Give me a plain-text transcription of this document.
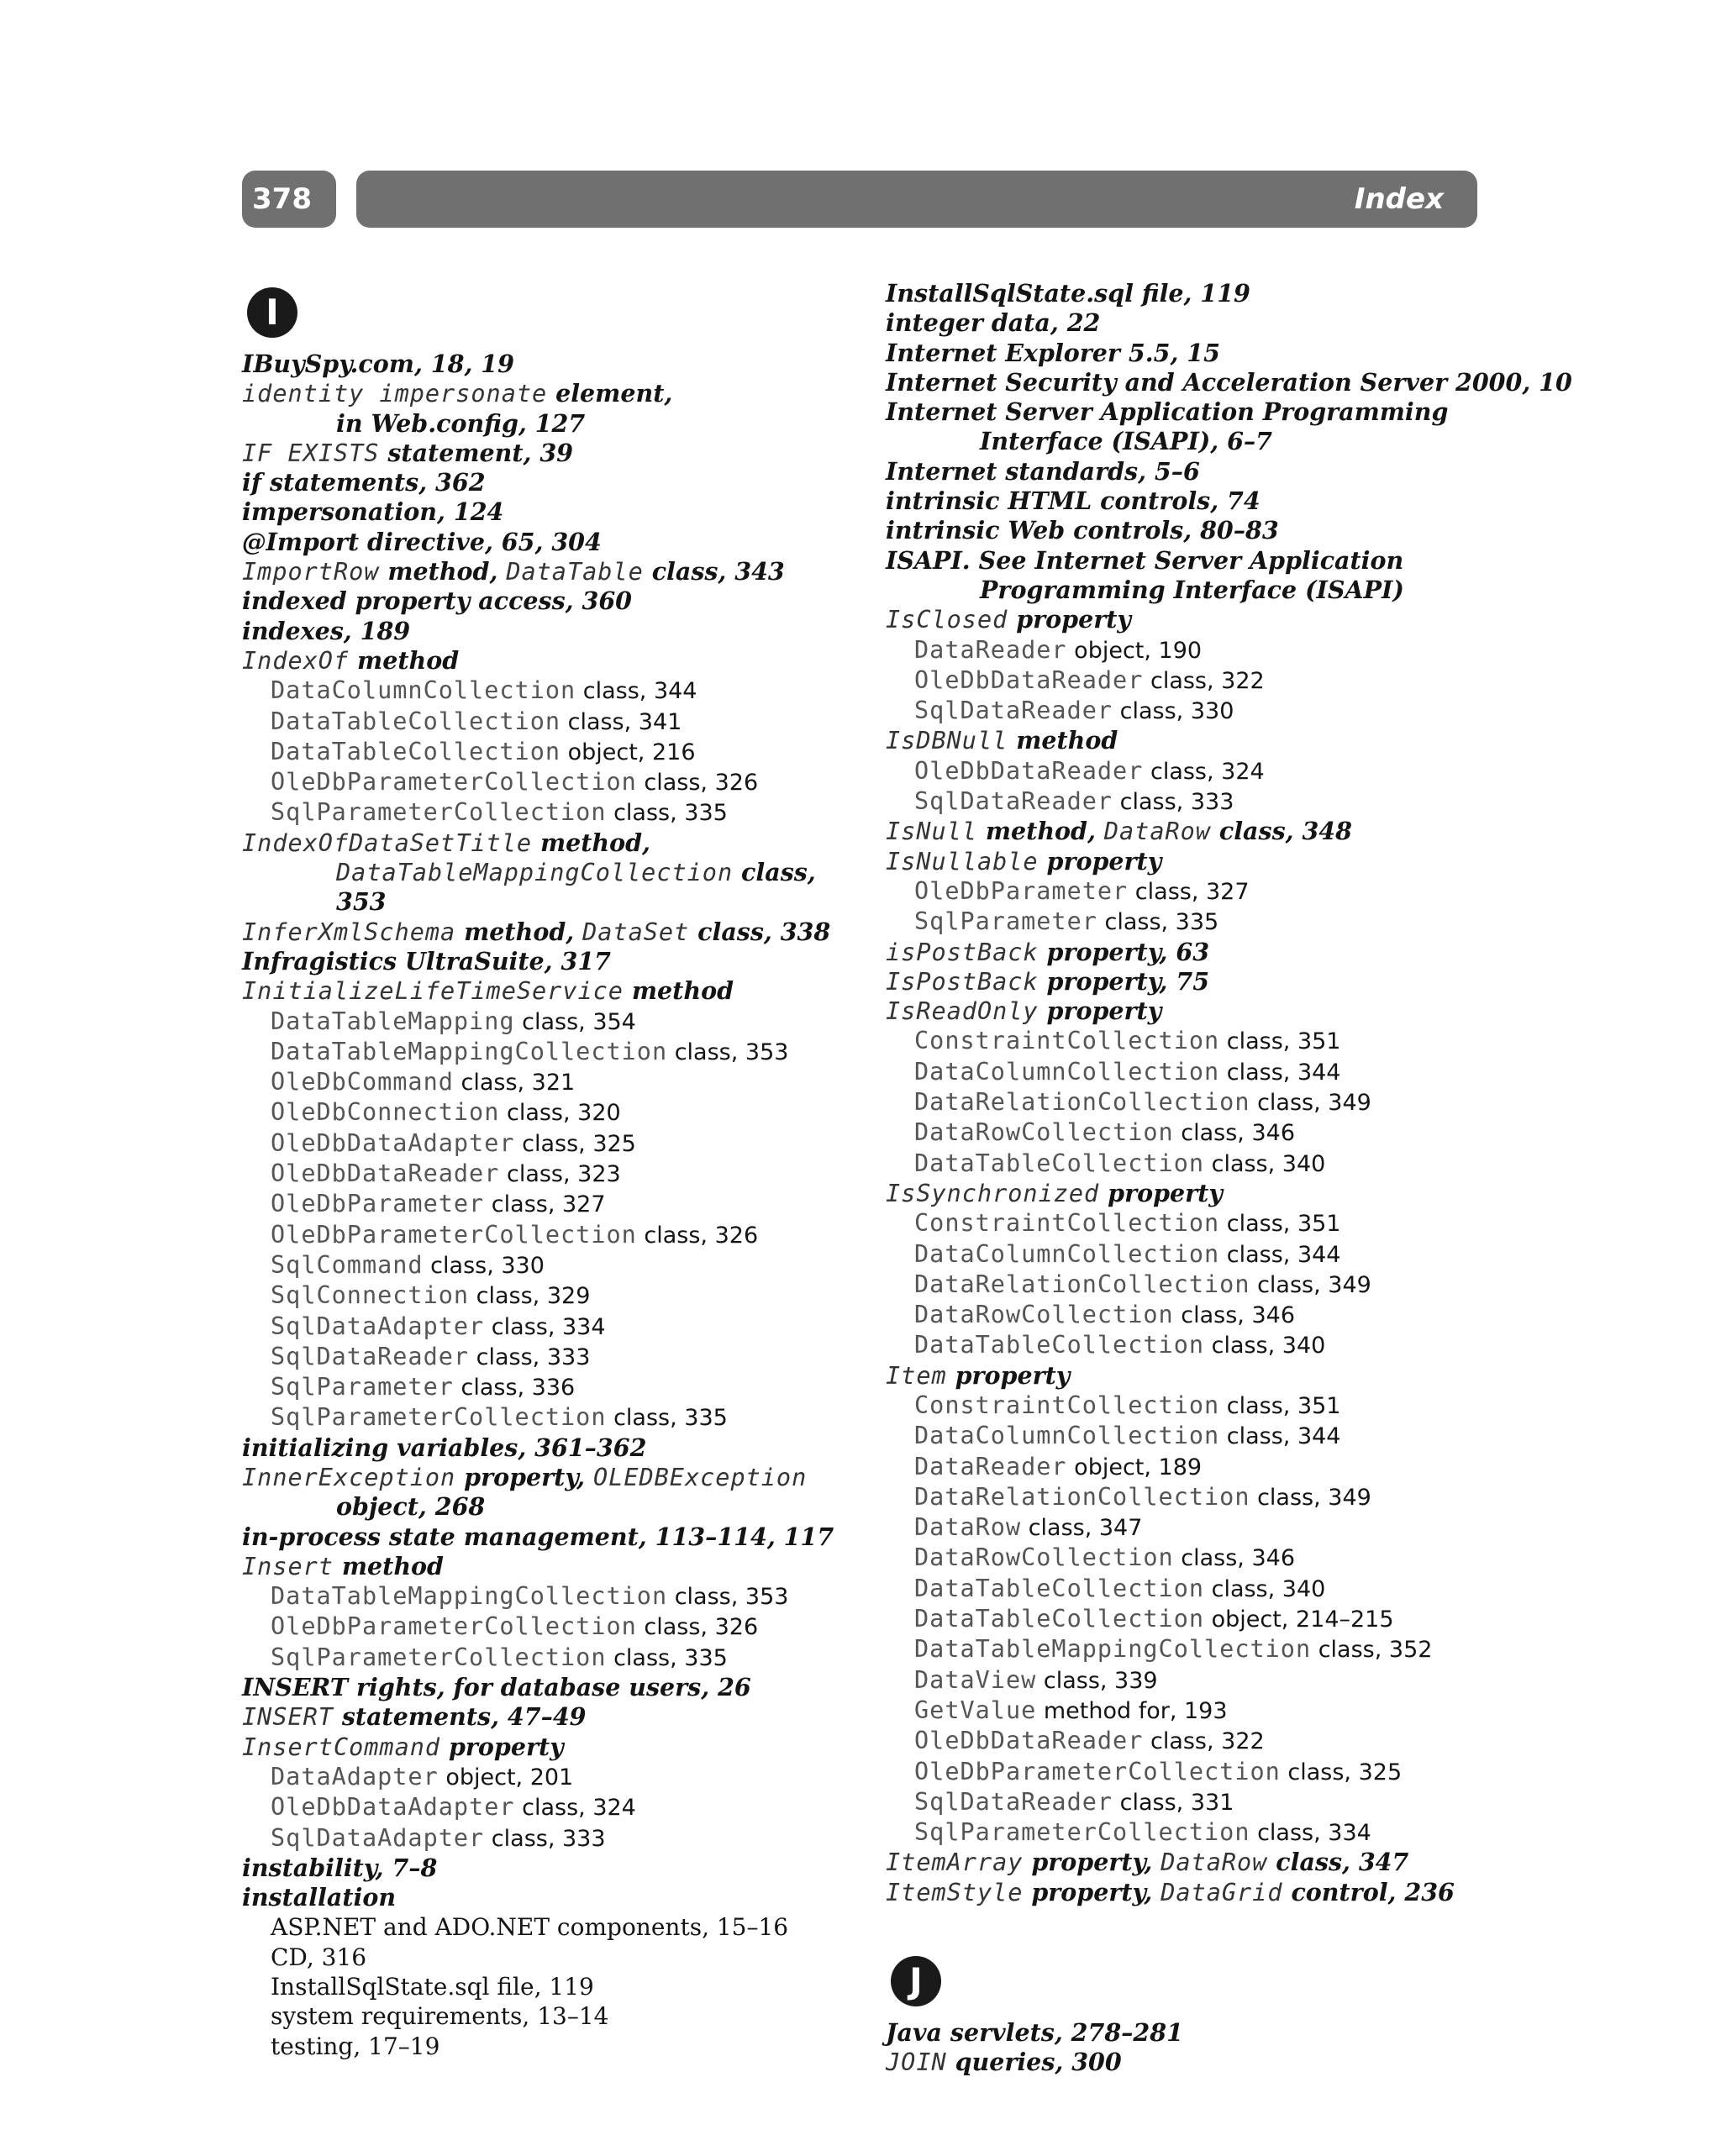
378	Index
I
IBuySpy.com, 18, 19
identity impersonate element,
in Web.config, 127
IF EXISTS statement, 39
if statements, 362
impersonation, 124
@Import directive, 65, 304
ImportRow method, DataTable class, 343
indexed property access, 360
indexes, 189
IndexOf method
DataColumnCollection class, 344
DataTableCollection class, 341
DataTableCollection object, 216
OleDbParameterCollection class, 326
SqlParameterCollection class, 335
IndexOfDataSetTitle method,
DataTableMappingCollection class,
353
InferXmlSchema method, DataSet class, 338
Infragistics UltraSuite, 317
InitializeLifeTimeService method
DataTableMapping class, 354
DataTableMappingCollection class, 353
OleDbCommand class, 321
OleDbConnection class, 320
OleDbDataAdapter class, 325
OleDbDataReader class, 323
OleDbParameter class, 327
OleDbParameterCollection class, 326
SqlCommand class, 330
SqlConnection class, 329
SqlDataAdapter class, 334
SqlDataReader class, 333
SqlParameter class, 336
SqlParameterCollection class, 335
initializing variables, 361–362
InnerException property, OLEDBException
object, 268
in-process state management, 113–114, 117
Insert method
DataTableMappingCollection class, 353
OleDbParameterCollection class, 326
SqlParameterCollection class, 335
INSERT rights, for database users, 26
INSERT statements, 47–49
InsertCommand property
DataAdapter object, 201
OleDbDataAdapter class, 324
SqlDataAdapter class, 333
instability, 7–8
installation
ASP.NET and ADO.NET components, 15–16
CD, 316
InstallSqlState.sql file, 119
system requirements, 13–14
testing, 17–19
InstallSqlState.sql file, 119
integer data, 22
Internet Explorer 5.5, 15
Internet Security and Acceleration Server 2000, 10
Internet Server Application Programming
Interface (ISAPI), 6–7
Internet standards, 5–6
intrinsic HTML controls, 74
intrinsic Web controls, 80–83
ISAPI. See Internet Server Application
Programming Interface (ISAPI)
IsClosed property
DataReader object, 190
OleDbDataReader class, 322
SqlDataReader class, 330
IsDBNull method
OleDbDataReader class, 324
SqlDataReader class, 333
IsNull method, DataRow class, 348
IsNullable property
OleDbParameter class, 327
SqlParameter class, 335
isPostBack property, 63
IsPostBack property, 75
IsReadOnly property
ConstraintCollection class, 351
DataColumnCollection class, 344
DataRelationCollection class, 349
DataRowCollection class, 346
DataTableCollection class, 340
IsSynchronized property
ConstraintCollection class, 351
DataColumnCollection class, 344
DataRelationCollection class, 349
DataRowCollection class, 346
DataTableCollection class, 340
Item property
ConstraintCollection class, 351
DataColumnCollection class, 344
DataReader object, 189
DataRelationCollection class, 349
DataRow class, 347
DataRowCollection class, 346
DataTableCollection class, 340
DataTableCollection object, 214–215
DataTableMappingCollection class, 352
DataView class, 339
GetValue method for, 193
OleDbDataReader class, 322
OleDbParameterCollection class, 325
SqlDataReader class, 331
SqlParameterCollection class, 334
ItemArray property, DataRow class, 347
ItemStyle property, DataGrid control, 236
J
Java servlets, 278–281
JOIN queries, 300
